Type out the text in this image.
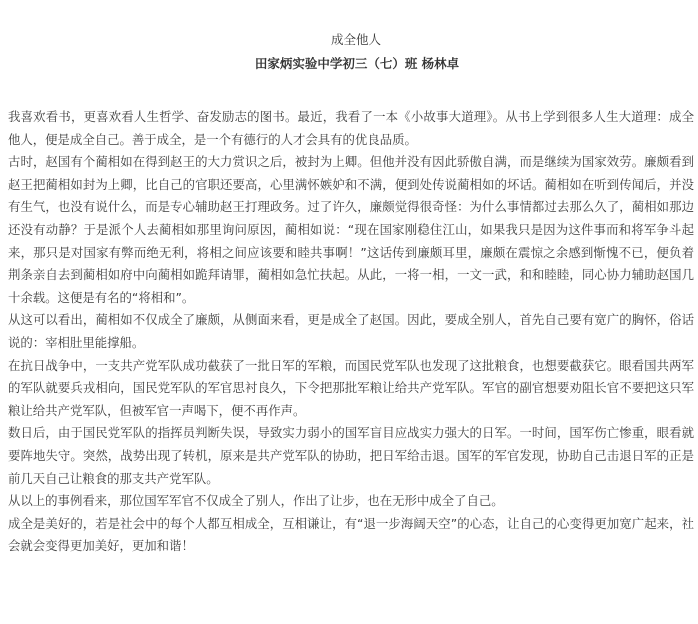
成全他人
田家炳实验中学初三（七）班 杨林卓

我喜欢看书，更喜欢看人生哲学、奋发励志的图书。最近，我看了一本《小故事大道理》。从书上学到很多人生大道理：成全他人，便是成全自己。善于成全，是一个有德行的人才会具有的优良品质。

古时，赵国有个蔺相如在得到赵王的大力赏识之后，被封为上卿。但他并没有因此骄傲自满，而是继续为国家效劳。廉颇看到赵王把蔺相如封为上卿，比自己的官职还要高，心里满怀嫉妒和不满，便到处传说蔺相如的坏话。蔺相如在听到传闻后，并没有生气，也没有说什么，而是专心辅助赵王打理政务。过了许久，廉颇觉得很奇怪：为什么事情都过去那么久了，蔺相如那边还没有动静？于是派个人去蔺相如那里询问原因，蔺相如说：“现在国家刚稳住江山，如果我只是因为这件事而和将军争斗起来，那只是对国家有弊而绝无利，将相之间应该要和睦共事啊！”这话传到廉颇耳里，廉颇在震惊之余感到惭愧不已，便负着荆条亲自去到蔺相如府中向蔺相如跪拜请罪，蔺相如急忙扶起。从此，一将一相，一文一武，和和睦睦，同心协力辅助赵国几十余载。这便是有名的“将相和”。

从这可以看出，蔺相如不仅成全了廉颇，从侧面来看，更是成全了赵国。因此，要成全别人，首先自己要有宽广的胸怀，俗话说的：宰相肚里能撑船。

在抗日战争中，一支共产党军队成功截获了一批日军的军粮，而国民党军队也发现了这批粮食，也想要截获它。眼看国共两军的军队就要兵戎相向，国民党军队的军官思衬良久，下令把那批军粮让给共产党军队。军官的副官想要劝阻长官不要把这只军粮让给共产党军队，但被军官一声喝下，便不再作声。

数日后，由于国民党军队的指挥员判断失误，导致实力弱小的国军盲目应战实力强大的日军。一时间，国军伤亡惨重，眼看就要阵地失守。突然，战势出现了转机，原来是共产党军队的协助，把日军给击退。国军的军官发现，协助自己击退日军的正是前几天自己让粮食的那支共产党军队。

从以上的事例看来，那位国军军官不仅成全了别人，作出了让步，也在无形中成全了自己。

成全是美好的，若是社会中的每个人都互相成全，互相谦让，有“退一步海阔天空”的心态，让自己的心变得更加宽广起来，社会就会变得更加美好，更加和谐！
